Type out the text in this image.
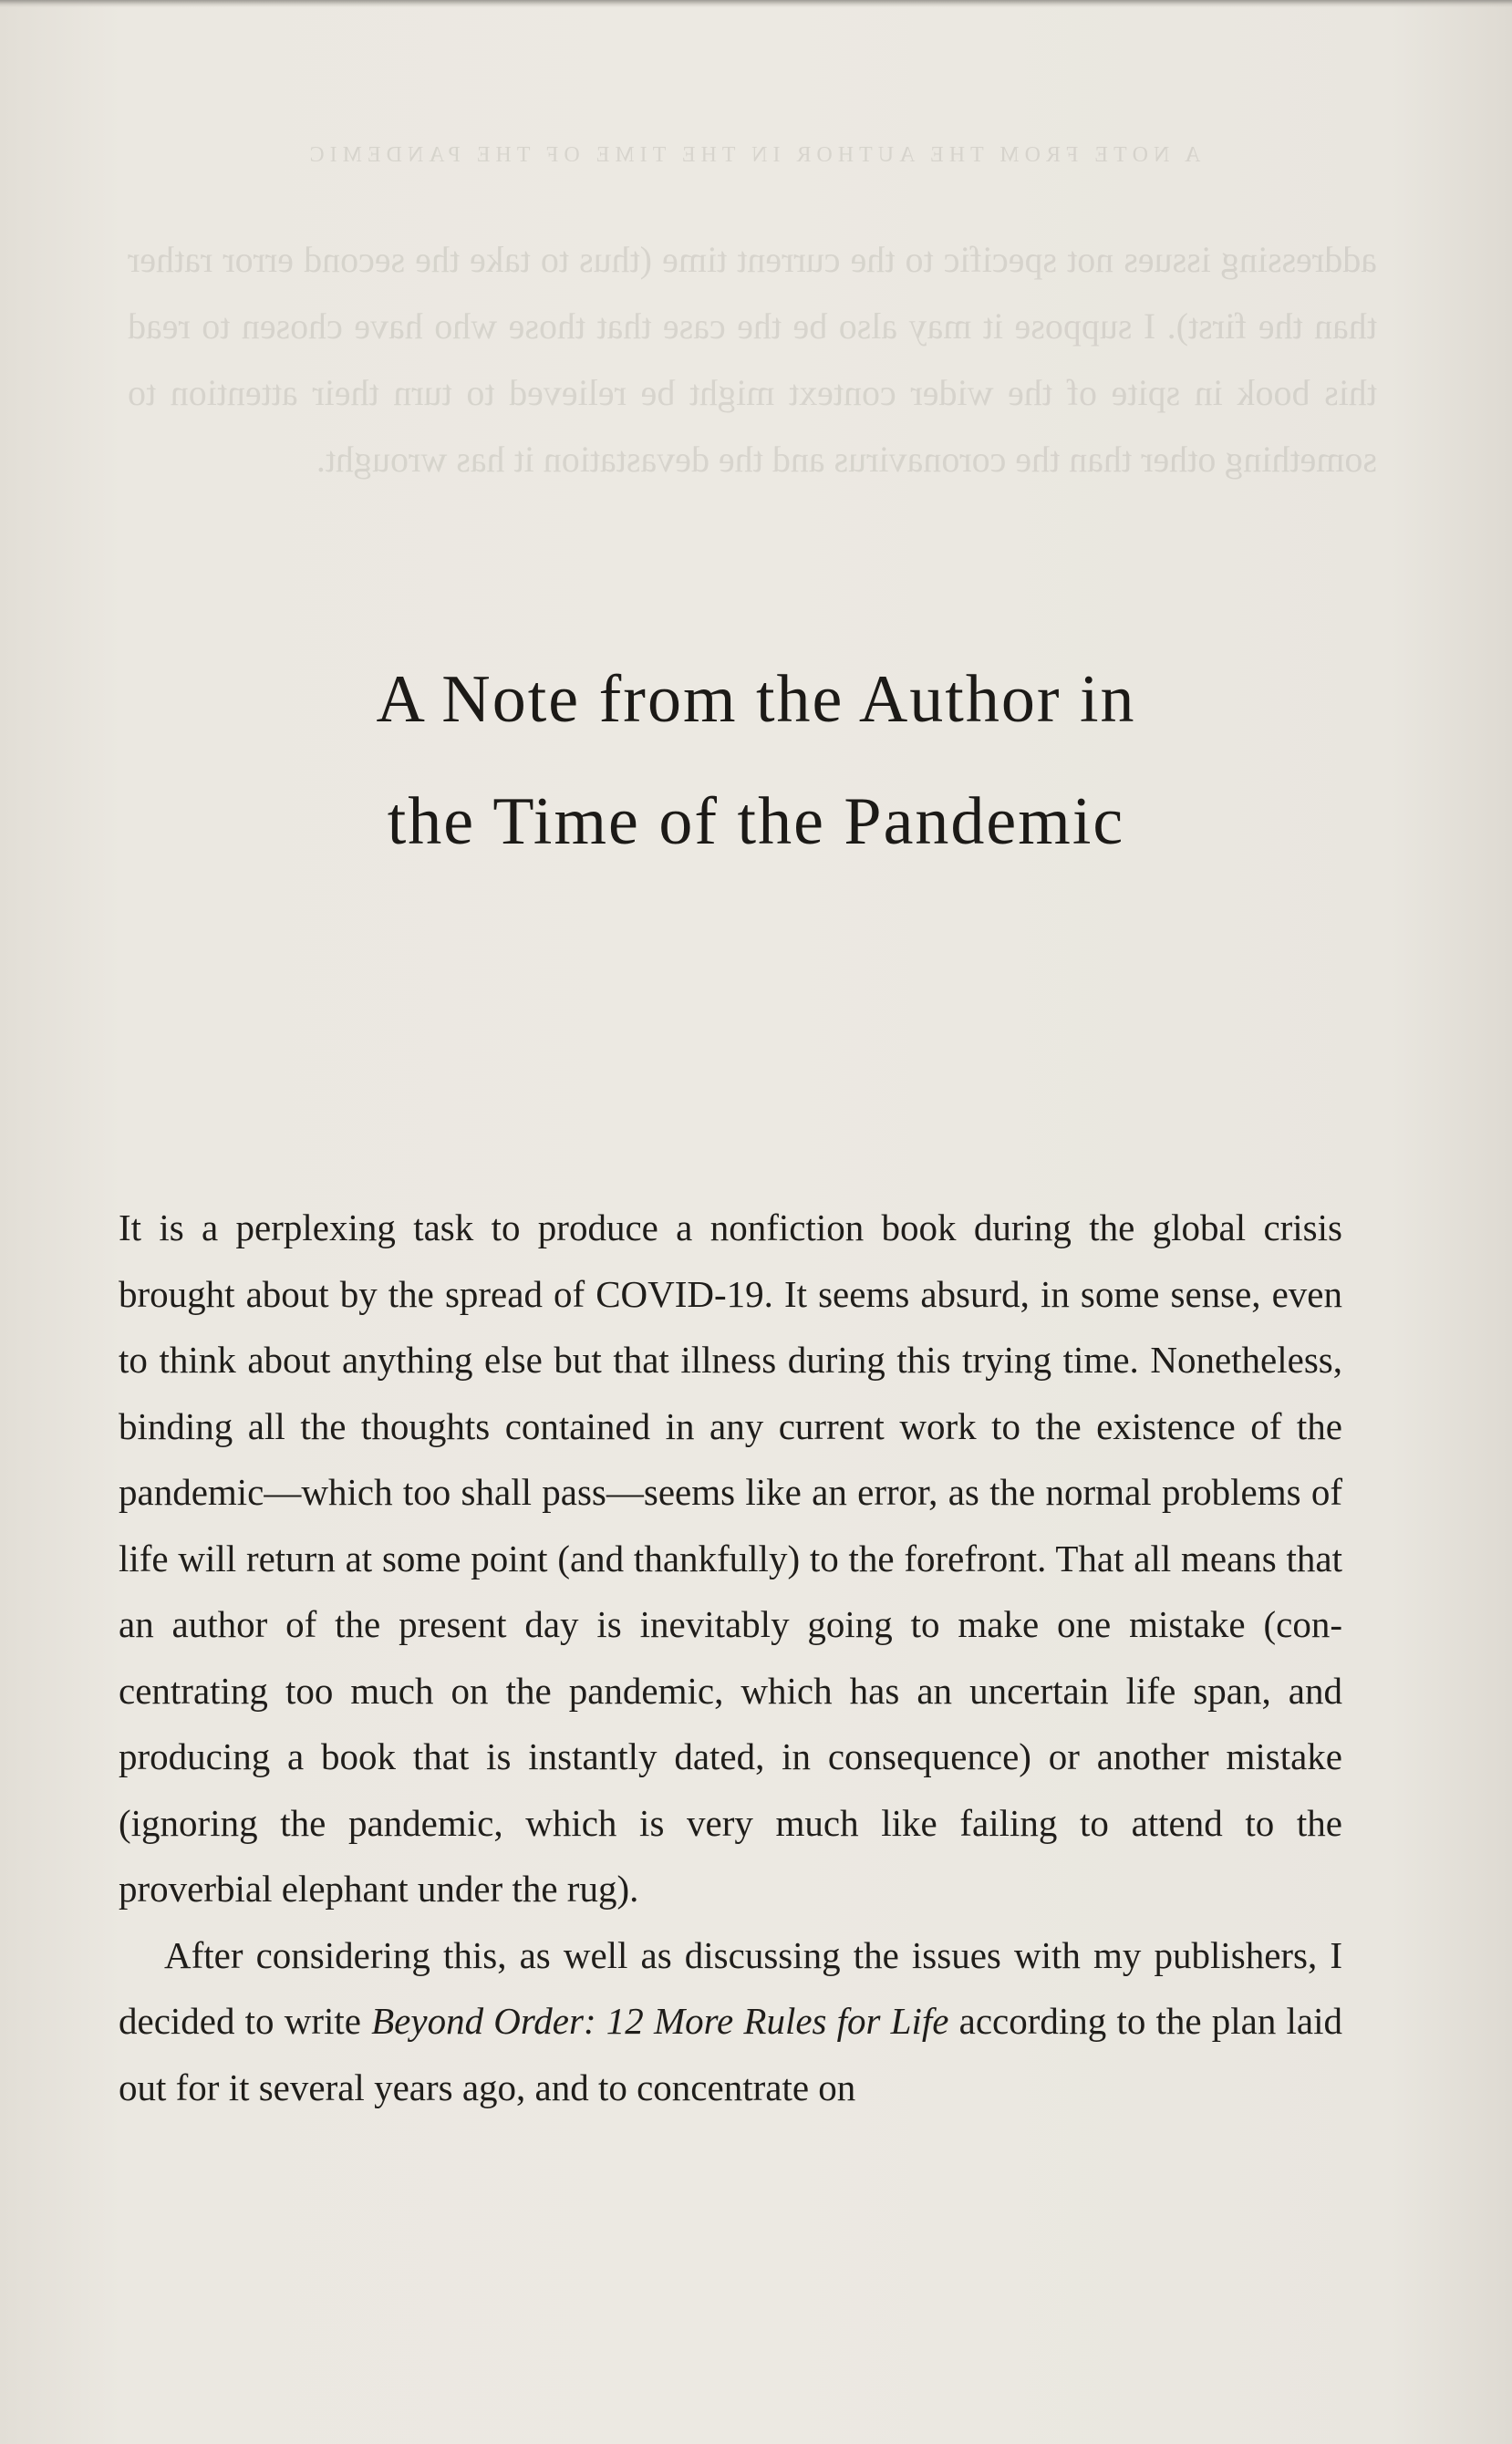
A NOTE FROM THE AUTHOR IN THE TIME OF THE PANDEMIC
addressing issues not specific to the current time (thus to take the second error rather than the first). I suppose it may also be the case that those who have chosen to read this book in spite of the wider context might be relieved to turn their attention to something other than the coronavirus and the devastation it has wrought.
A Note from the Author in
the Time of the Pandemic

It is a perplexing task to produce a nonfiction book during the global crisis brought about by the spread of COVID-19. It seems absurd, in some sense, even to think about anything else but that illness during this trying time. Nonetheless, binding all the thoughts contained in any current work to the existence of the pandemic—which too shall pass—seems like an error, as the normal problems of life will return at some point (and thankfully) to the forefront. That all means that an author of the present day is inevitably going to make one mistake (concentrating too much on the pandemic, which has an uncertain life span, and producing a book that is instantly dated, in consequence) or another mistake (ignoring the pandemic, which is very much like failing to attend to the proverbial elephant under the rug).

After considering this, as well as discussing the issues with my publishers, I decided to write Beyond Order: 12 More Rules for Life according to the plan laid out for it several years ago, and to concentrate on
